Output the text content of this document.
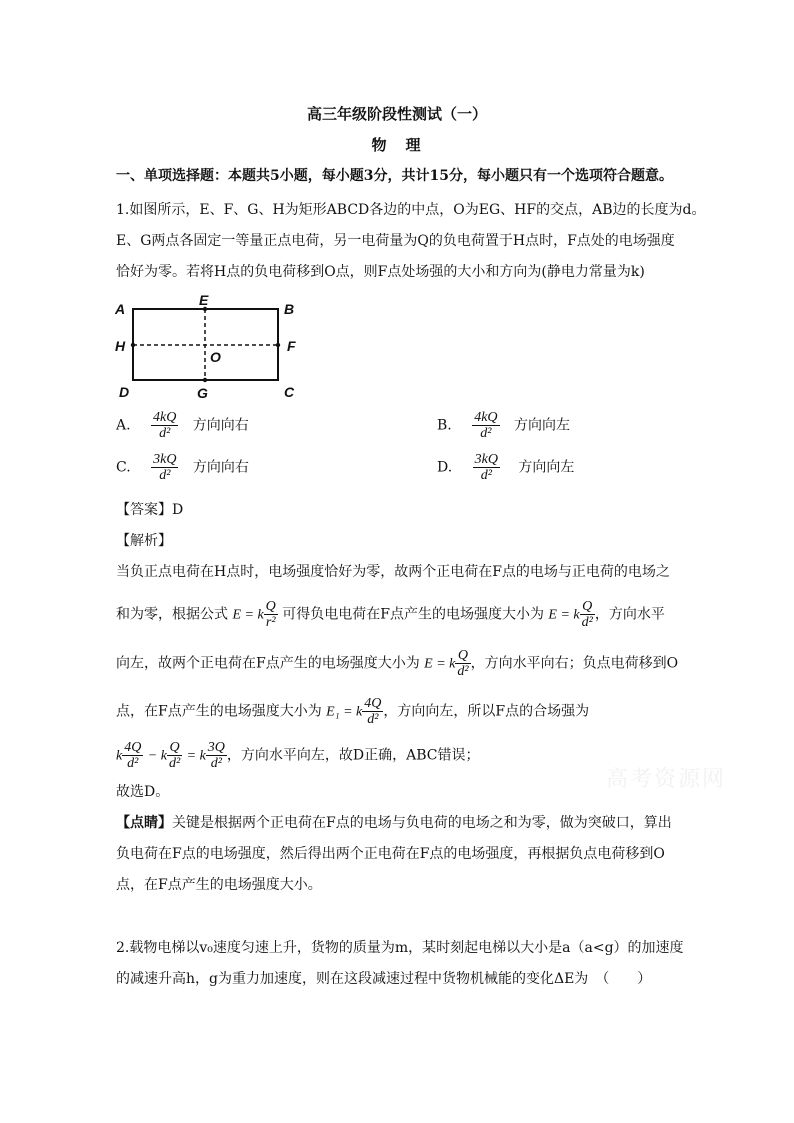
高三年级阶段性测试（一）
物　理
一、单项选择题：本题共5小题，每小题3分，共计15分，每小题只有一个选项符合题意。
1.如图所示，E、F、G、H为矩形ABCD各边的中点，O为EG、HF的交点，AB边的长度为d。
E、G两点各固定一等量正点电荷，另一电荷量为Q的负电荷置于H点时，F点处的电场强度
恰好为零。若将H点的负电荷移到O点，则F点处场强的大小和方向为(静电力常量为k)
A	B
C
D
E
F
G
H
O
A. $\frac{4kQ}{\text{d²}}$ 方向向右	B. $\frac{4kQ}{\text{d²}}$ 方向向左
C. $\frac{3kQ}{\text{d²}}$ 方向向右	D. $\frac{3kQ}{\text{d²}}$ 方向向左
【答案】D
【解析】
当负正点电荷在H点时，电场强度恰好为零，故两个正电荷在F点的电场与正电荷的电场之
和为零，根据公式 E = k $\frac{Q}{\text{r²}}$ 可得负电电荷在F点产生的电场强度大小为 E = k $\frac{Q}{\text{d²}}$ ，方向水平
向左，故两个正电荷在F点产生的电场强度大小为 E = k $\frac{Q}{\text{d²}}$ ，方向水平向右；负点电荷移到O
点，在F点产生的电场强度大小为 E₁ = k $\frac{4Q}{\text{d²}}$ ，方向向左，所以F点的合场强为
k $\frac{4Q}{\text{d²}} - k \frac{Q}{\text{d²}} = k \frac{3Q}{\text{d²}}$ ，方向水平向左，故D正确，ABC错误；
故选D。
【点睛】关键是根据两个正电荷在F点的电场与负电荷的电场之和为零，做为突破口，算出
负电荷在F点的电场强度，然后得出两个正电荷在F点的电场强度，再根据负点电荷移到O
点，在F点产生的电场强度大小。
高考资源网
2.载物电梯以v₀速度匀速上升，货物的质量为m，某时刻起电梯以大小是a（a<g）的加速度
的减速升高h，g为重力加速度，则在这段减速过程中货物机械能的变化ΔE为　（　　）
